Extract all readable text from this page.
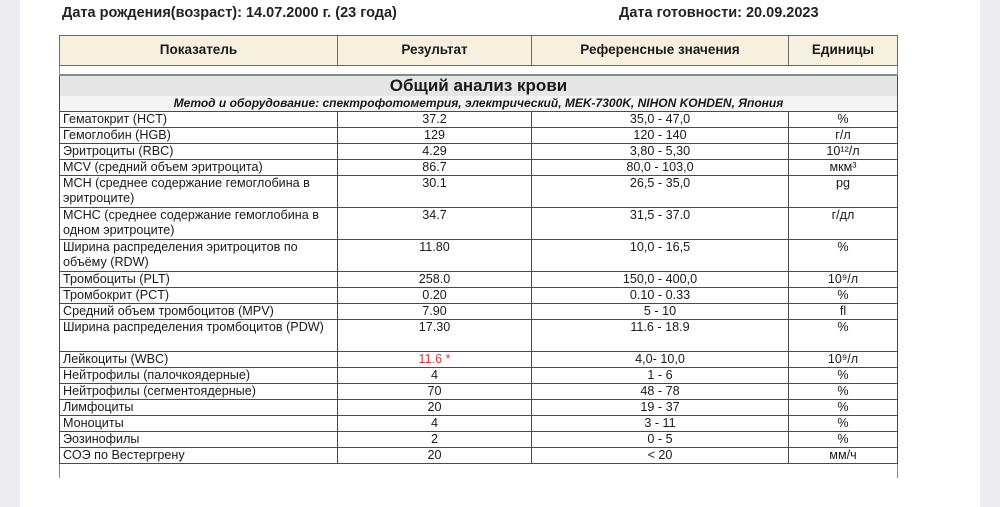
Дата рождения(возраст): 14.07.2000 г. (23 года)	Дата готовности: 20.09.2023
Показатель	Результат	Референсные значения	Единицы

Общий анализ крови			
Метод и оборудование: спектрофотометрия, электрический, MEK-7300K, NIHON KOHDEN, Япония			
Гематокрит (HCT)	37.2	35,0 - 47,0	%
Гемоглобин (HGB)	129	120 - 140	г/л
Эритроциты (RBC)	4.29	3,80 - 5,30	10¹²/л
MCV (средний объем эритроцита)	86.7	80,0 - 103,0	мкм³
MCH (среднее содержание гемоглобина в эритроците)	30.1	26,5 - 35,0	pg
MCHC (среднее содержание гемоглобина в одном эритроците)	34.7	31,5 - 37.0	г/дл
Ширина распределения эритроцитов по объёму (RDW)	11.80	10,0 - 16,5	%
Тромбоциты (PLT)	258.0	150,0 - 400,0	10⁹/л
Тромбокрит (PCT)	0.20	0.10 - 0.33	%
Средний объем тромбоцитов (MPV)	7.90	5 - 10	fl
Ширина распределения тромбоцитов (PDW)	17.30	11.6 - 18.9	%
Лейкоциты (WBC)	11.6 *	4,0- 10,0	10⁹/л
Нейтрофилы (палочкоядерные)	4	1 - 6	%
Нейтрофилы (сегментоядерные)	70	48 - 78	%
Лимфоциты	20	19 - 37	%
Моноциты	4	3 - 11	%
Эозинофилы	2	0 - 5	%
СОЭ по Вестергрену	20	< 20	мм/ч
